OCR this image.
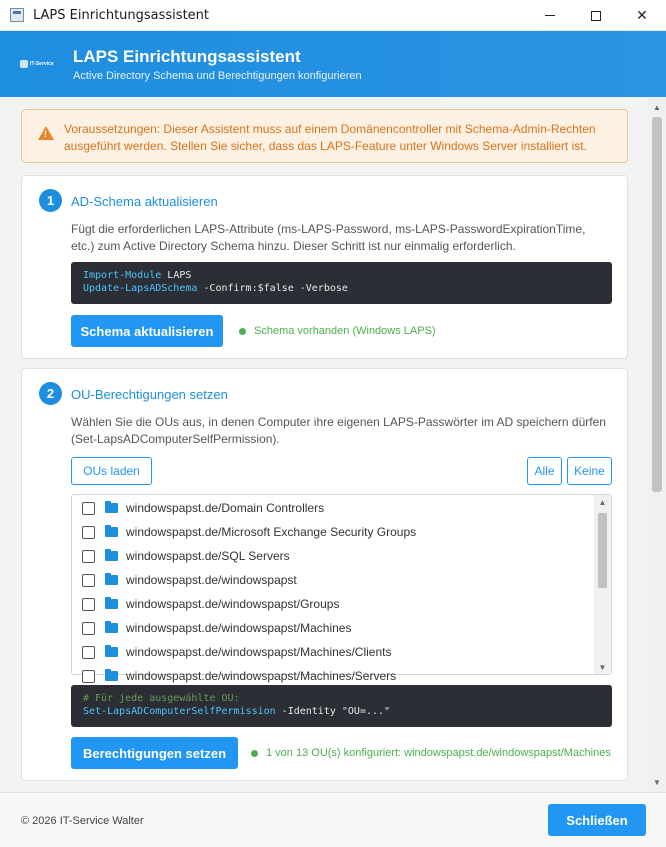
LAPS Einrichtungsassistent	✕
IT-Service LAPS Einrichtungsassistent
Active Directory Schema und Berechtigungen konfigurieren
! Voraussetzungen: Dieser Assistent muss auf einem Domänencontroller mit Schema-Admin-Rechten ausgeführt werden. Stellen Sie sicher, dass das LAPS-Feature unter Windows Server installiert ist.
1	AD-Schema aktualisieren
Fügt die erforderlichen LAPS-Attribute (ms-LAPS-Password, ms-LAPS-PasswordExpirationTime, etc.) zum Active Directory Schema hinzu. Dieser Schritt ist nur einmalig erforderlich.
Import-Module LAPS
Update-LapsADSchema -Confirm:$false -Verbose
Schema aktualisieren	Schema vorhanden (Windows LAPS)
2	OU-Berechtigungen setzen
Wählen Sie die OUs aus, in denen Computer ihre eigenen LAPS-Passwörter im AD speichern dürfen (Set-LapsADComputerSelfPermission).
OUs laden	Alle	Keine
windowspapst.de/Domain Controllers
windowspapst.de/Microsoft Exchange Security Groups
windowspapst.de/SQL Servers
windowspapst.de/windowspapst
windowspapst.de/windowspapst/Groups
windowspapst.de/windowspapst/Machines
windowspapst.de/windowspapst/Machines/Clients
windowspapst.de/windowspapst/Machines/Servers
▲
▼
# Für jede ausgewählte OU:
Set-LapsADComputerSelfPermission -Identity "OU=..."
Berechtigungen setzen	1 von 13 OU(s) konfiguriert: windowspapst.de/windowspapst/Machines
▲
▼
© 2026 IT-Service Walter	Schließen
